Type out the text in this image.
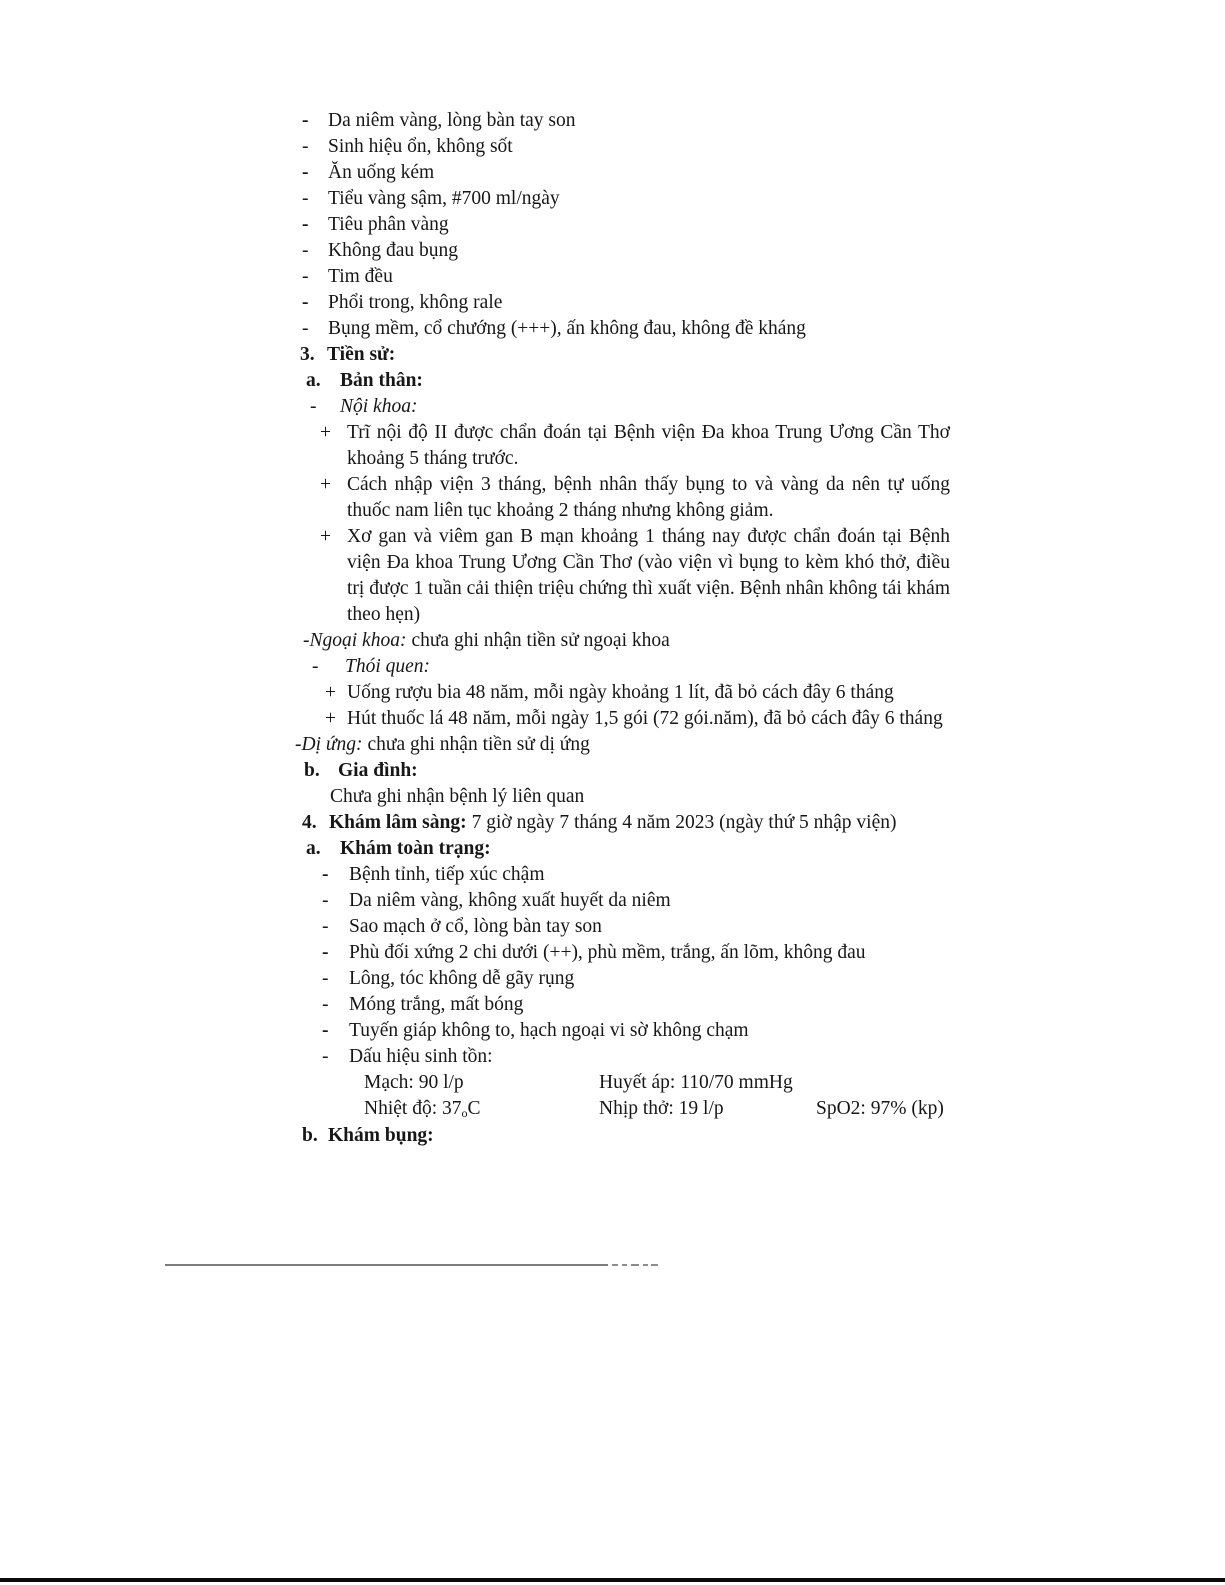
- Da niêm vàng, lòng bàn tay son
- Sinh hiệu ổn, không sốt
- Ăn uống kém
- Tiểu vàng sậm, #700 ml/ngày
- Tiêu phân vàng
- Không đau bụng
- Tim đều
- Phổi trong, không rale
- Bụng mềm, cổ chướng (+++), ấn không đau, không đề kháng
3. Tiền sử:
a. Bản thân:
- Nội khoa:
+ Trĩ nội độ II được chẩn đoán tại Bệnh viện Đa khoa Trung Ương Cần Thơ
khoảng 5 tháng trước.
+ Cách nhập viện 3 tháng, bệnh nhân thấy bụng to và vàng da nên tự uống
thuốc nam liên tục khoảng 2 tháng nhưng không giảm.
+ Xơ gan và viêm gan B mạn khoảng 1 tháng nay được chẩn đoán tại Bệnh
viện Đa khoa Trung Ương Cần Thơ (vào viện vì bụng to kèm khó thở, điều
trị được 1 tuần cải thiện triệu chứng thì xuất viện. Bệnh nhân không tái khám
theo hẹn)
-Ngoại khoa: chưa ghi nhận tiền sử ngoại khoa
- Thói quen:
+ Uống rượu bia 48 năm, mỗi ngày khoảng 1 lít, đã bỏ cách đây 6 tháng
+ Hút thuốc lá 48 năm, mỗi ngày 1,5 gói (72 gói.năm), đã bỏ cách đây 6 tháng
-Dị ứng: chưa ghi nhận tiền sử dị ứng
b. Gia đình:
Chưa ghi nhận bệnh lý liên quan
4. Khám lâm sàng: 7 giờ ngày 7 tháng 4 năm 2023 (ngày thứ 5 nhập viện)
a. Khám toàn trạng:
- Bệnh tỉnh, tiếp xúc chậm
- Da niêm vàng, không xuất huyết da niêm
- Sao mạch ở cổ, lòng bàn tay son
- Phù đối xứng 2 chi dưới (++), phù mềm, trắng, ấn lõm, không đau
- Lông, tóc không dễ gãy rụng
- Móng trắng, mất bóng
- Tuyến giáp không to, hạch ngoại vi sờ không chạm
- Dấu hiệu sinh tồn:
Mạch: 90 l/p	Huyết áp: 110/70 mmHg
Nhiệt độ: 37oC	Nhịp thở: 19 l/p	SpO2: 97% (kp)
b. Khám bụng:
